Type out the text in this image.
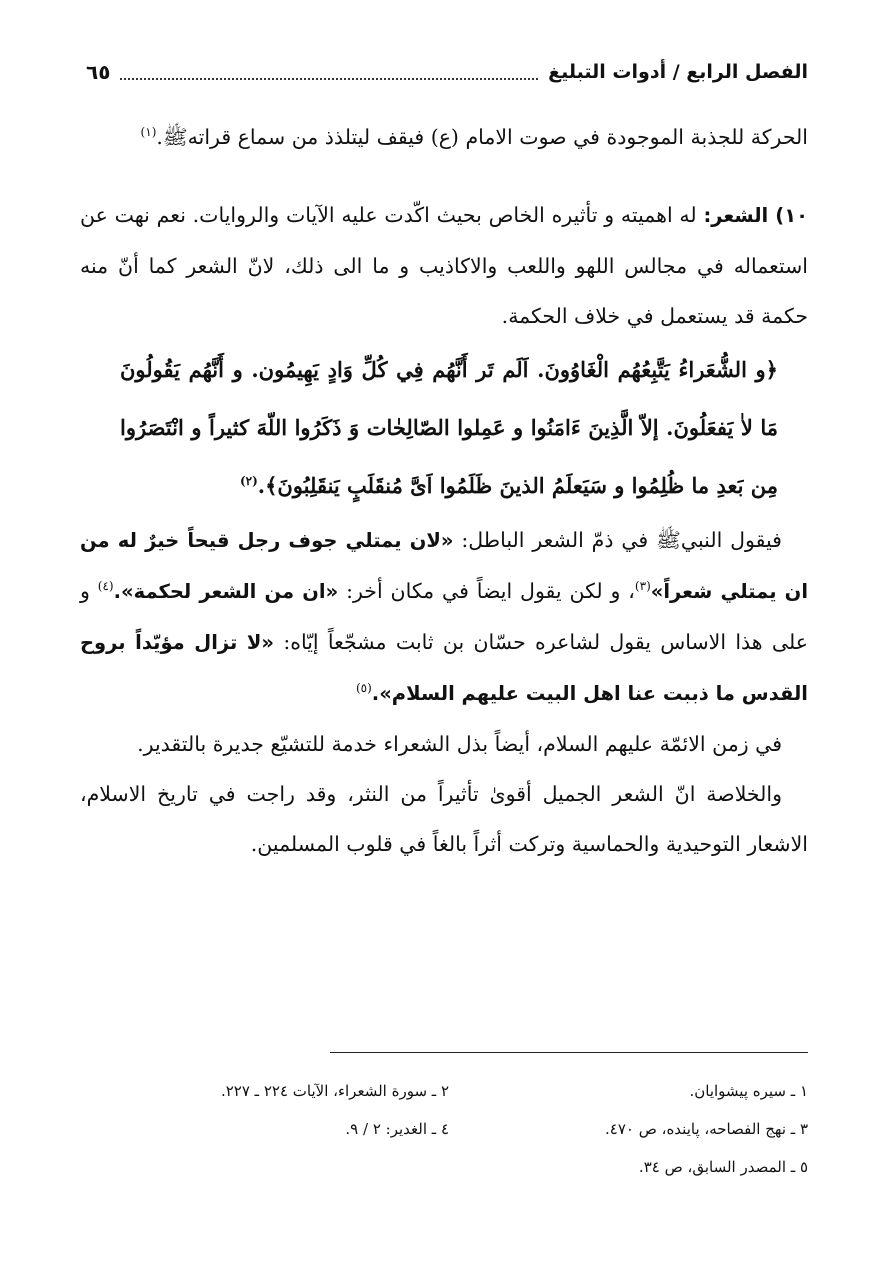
الفصل الرابع / أدوات التبليغ
٦٥

الحركة للجذبة الموجودة في صوت الامام (ع) فيقف ليتلذذ من سماع قراتهﷺ.$^{(١)}$

١٠) الشعر: له اهميته و تأثيره الخاص بحيث اكّدت عليه الآيات والروايات. نعم نهت عن استعماله في مجالس اللهو واللعب والاكاذيب و ما الى ذلك، لانّ الشعر كما أنّ منه حكمة قد يستعمل في خلاف الحكمة.

﴿و الشُّعَراءُ يَتَّبِعُهُم الْغَاوُونَ. اَلَم تَر أَنَّهُم فِي كُلِّ وَادٍ يَهِيمُون. و أَنَّهُم يَقُولُونَ مَا لاٰ يَفعَلُونَ. إلاّ الَّذِينَ ءَامَنُوا و عَمِلوا الصّالِحٰات وَ ذَكَرُوا اللّهَ كثيراً و انْتَصَرُوا مِن بَعدِ ما ظُلِمُوا و سَيَعلَمُ الذينَ ظَلَمُوا اَىَّ مُنقَلَبٍ يَنقَلِبُونَ﴾.$^{(٢)}$

فيقول النبيﷺ في ذمّ الشعر الباطل: «لان يمتلي جوف رجل قيحاً خيرٌ له من ان يمتلي شعراً»$^{(٣)}$، و لكن يقول ايضاً في مكان أخر: «ان من الشعر لحكمة».$^{(٤)}$ و على هذا الاساس يقول لشاعره حسّان بن ثابت مشجّعاً إيّاه: «لا تزال مؤيّداً بروح القدس ما ذببت عنا اهل البيت عليهم السلام».$^{(٥)}$

في زمن الائمّة عليهم السلام، أيضاً بذل الشعراء خدمة للتشيّع جديرة بالتقدير.

والخلاصة انّ الشعر الجميل أقوىٰ تأثيراً من النثر، وقد راجت في تاريخ الاسلام، الاشعار التوحيدية والحماسية وتركت أثراً بالغاً في قلوب المسلمين.

١ ـ سيره پيشوايان.
٢ ـ سورة الشعراء، الآيات ٢٢٤ ـ ٢٢٧.
٣ ـ نهج الفصاحه، پاينده، ص ٤٧٠.
٤ ـ الغدير: ٢ / ٩.
٥ ـ المصدر السابق، ص ٣٤.
